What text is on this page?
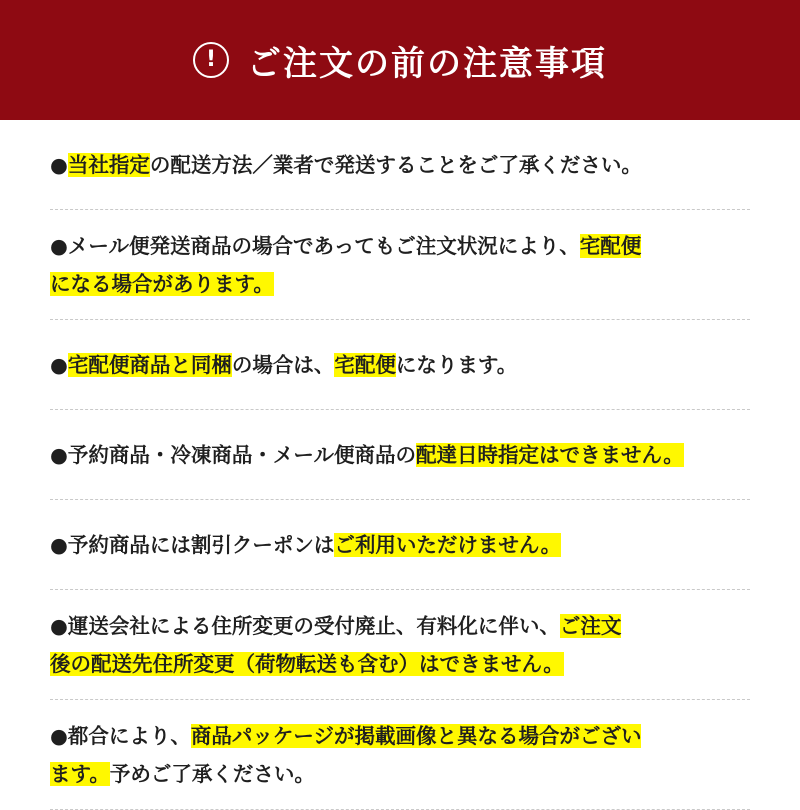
! ご注文の前の注意事項
●当社指定の配送方法／業者で発送することをご了承ください。
●メール便発送商品の場合であってもご注文状況により、宅配便
になる場合があります。
●宅配便商品と同梱の場合は、宅配便になります。
●予約商品・冷凍商品・メール便商品の配達日時指定はできません。
●予約商品には割引クーポンはご利用いただけません。
●運送会社による住所変更の受付廃止、有料化に伴い、ご注文
後の配送先住所変更（荷物転送も含む）はできません。
●都合により、商品パッケージが掲載画像と異なる場合がござい
ます。予めご了承ください。
